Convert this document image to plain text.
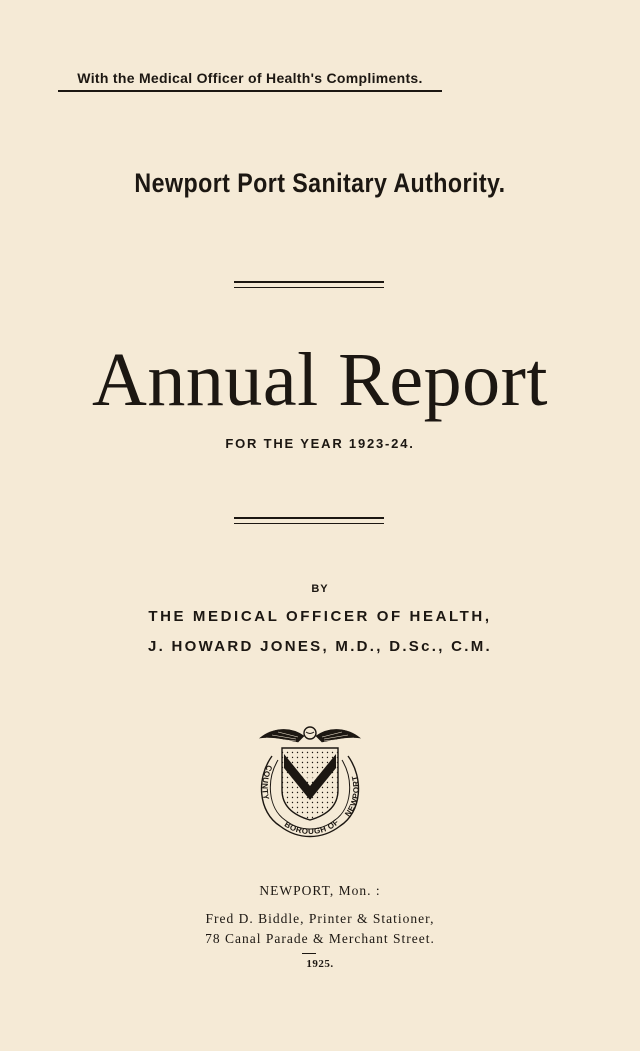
With the Medical Officer of Health's Compliments.
Newport Port Sanitary Authority.
Annual Report
FOR THE YEAR 1923-24.
BY
THE MEDICAL OFFICER OF HEALTH,
J. HOWARD JONES, M.D., D.Sc., C.M.
COUNTY
BOROUGH OF
NEWPORT
NEWPORT, Mon. :
Fred D. Biddle, Printer & Stationer,
78 Canal Parade & Merchant Street.
1925.
